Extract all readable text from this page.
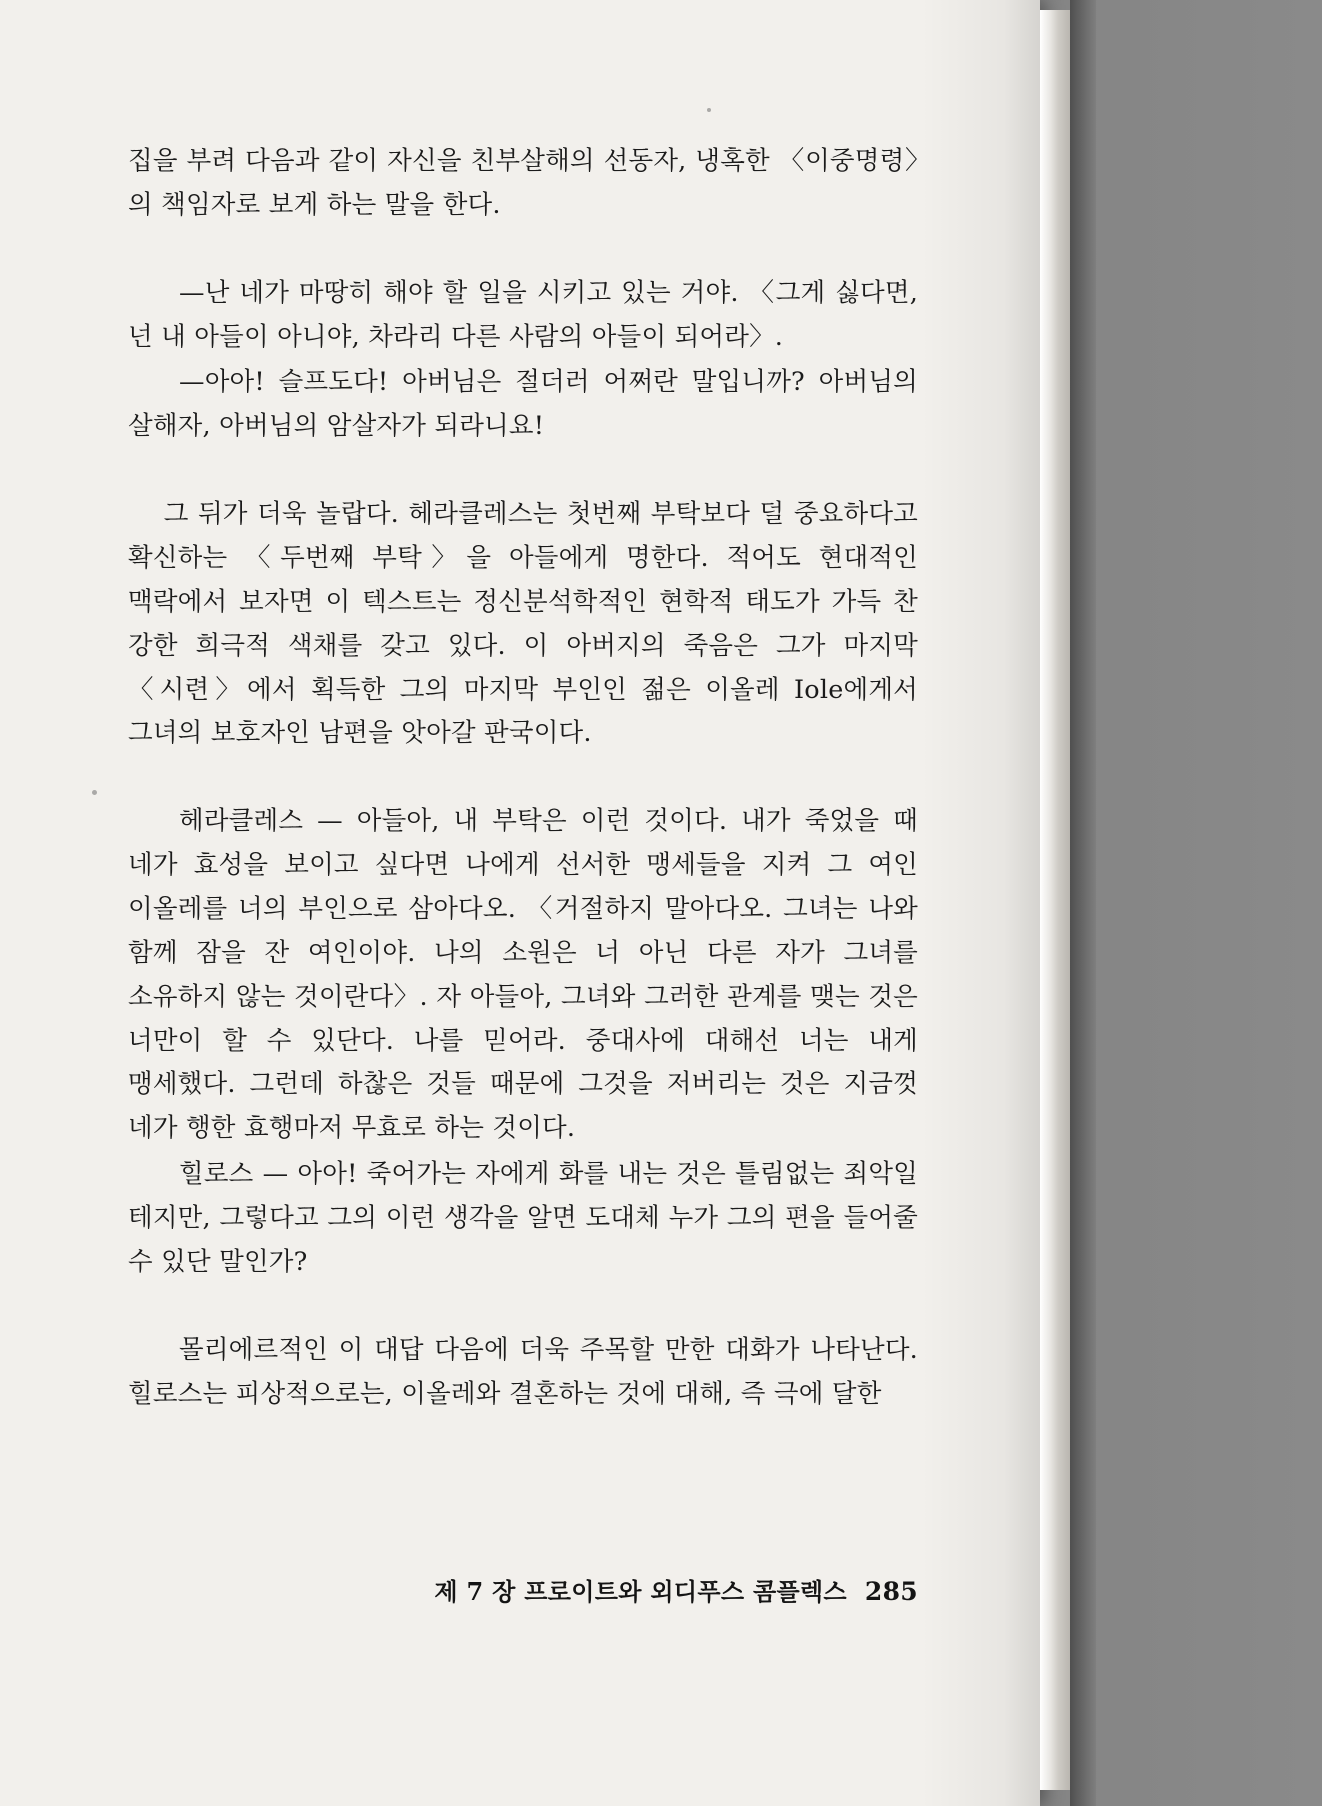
집을 부려 다음과 같이 자신을 친부살해의 선동자, 냉혹한 〈이중명령〉의 책임자로 보게 하는 말을 한다.

—난 네가 마땅히 해야 할 일을 시키고 있는 거야. 〈그게 싫다면, 넌 내 아들이 아니야, 차라리 다른 사람의 아들이 되어라〉.

—아아! 슬프도다! 아버님은 절더러 어쩌란 말입니까? 아버님의 살해자, 아버님의 암살자가 되라니요!

그 뒤가 더욱 놀랍다. 헤라클레스는 첫번째 부탁보다 덜 중요하다고 확신하는 〈두번째 부탁〉을 아들에게 명한다. 적어도 현대적인 맥락에서 보자면 이 텍스트는 정신분석학적인 현학적 태도가 가득 찬 강한 희극적 색채를 갖고 있다. 이 아버지의 죽음은 그가 마지막 〈시련〉에서 획득한 그의 마지막 부인인 젊은 이올레 Iole에게서 그녀의 보호자인 남편을 앗아갈 판국이다.

헤라클레스 — 아들아, 내 부탁은 이런 것이다. 내가 죽었을 때 네가 효성을 보이고 싶다면 나에게 선서한 맹세들을 지켜 그 여인 이올레를 너의 부인으로 삼아다오. 〈거절하지 말아다오. 그녀는 나와 함께 잠을 잔 여인이야. 나의 소원은 너 아닌 다른 자가 그녀를 소유하지 않는 것이란다〉. 자 아들아, 그녀와 그러한 관계를 맺는 것은 너만이 할 수 있단다. 나를 믿어라. 중대사에 대해선 너는 내게 맹세했다. 그런데 하찮은 것들 때문에 그것을 저버리는 것은 지금껏 네가 행한 효행마저 무효로 하는 것이다.

힐로스 — 아아! 죽어가는 자에게 화를 내는 것은 틀림없는 죄악일 테지만, 그렇다고 그의 이런 생각을 알면 도대체 누가 그의 편을 들어줄 수 있단 말인가?

몰리에르적인 이 대답 다음에 더욱 주목할 만한 대화가 나타난다. 힐로스는 피상적으로는, 이올레와 결혼하는 것에 대해, 즉 극에 달한

제 7 장 프로이트와 외디푸스 콤플렉스 285
